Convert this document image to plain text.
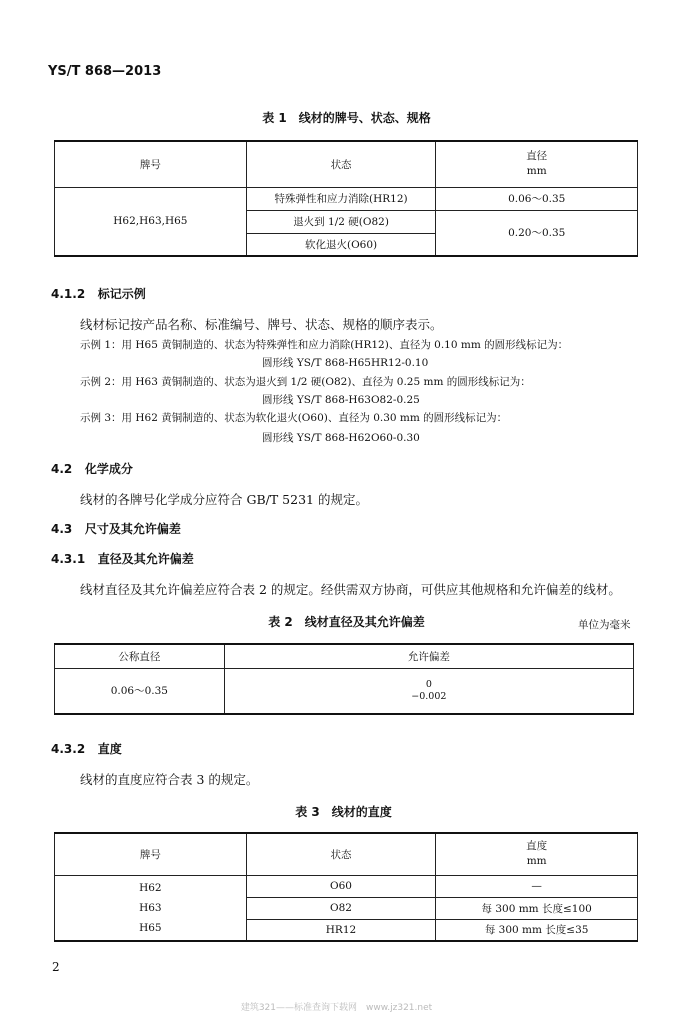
YS/T 868—2013
表 1　线材的牌号、状态、规格
牌号	状态	直径
mm

H62,H63,H65	特殊弹性和应力消除(HR12)	0.06～0.35
	退火到 1/2 硬(O82)	0.20～0.35
	软化退火(O60)	
4.1.2 标记示例
线材标记按产品名称、标准编号、牌号、状态、规格的顺序表示。
示例 1：用 H65 黄铜制造的、状态为特殊弹性和应力消除(HR12)、直径为 0.10 mm 的圆形线标记为：
圆形线 YS/T 868-H65HR12-0.10
示例 2：用 H63 黄铜制造的、状态为退火到 1/2 硬(O82)、直径为 0.25 mm 的圆形线标记为：
圆形线 YS/T 868-H63O82-0.25
示例 3：用 H62 黄铜制造的、状态为软化退火(O60)、直径为 0.30 mm 的圆形线标记为：
圆形线 YS/T 868-H62O60-0.30
4.2 化学成分
线材的各牌号化学成分应符合 GB/T 5231 的规定。
4.3 尺寸及其允许偏差
4.3.1 直径及其允许偏差
线材直径及其允许偏差应符合表 2 的规定。经供需双方协商，可供应其他规格和允许偏差的线材。
表 2　线材直径及其允许偏差	单位为毫米
公称直径	允许偏差
0.06～0.35	0
−0.002
4.3.2 直度
线材的直度应符合表 3 的规定。
表 3　线材的直度
牌号	状态	直度
mm

H62
H63
H65	O60	—
	O82	每 300 mm 长度≤100
	HR12	每 300 mm 长度≤35
2
建筑321——标准查询下载网　www.jz321.net
